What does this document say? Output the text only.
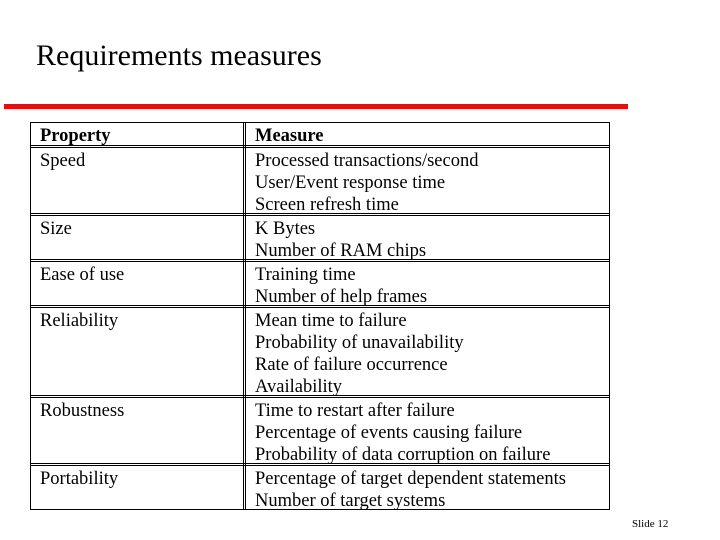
Requirements measures
Property	Measure
Speed	Processed transactions/second
User/Event response time
Screen refresh time
Size	K Bytes
Number of RAM chips
Ease of use	Training time
Number of help frames
Reliability	Mean time to failure
Probability of unavailability
Rate of failure occurrence
Availability
Robustness	Time to restart after failure
Percentage of events causing failure
Probability of data corruption on failure
Portability	Percentage of target dependent statements
Number of target systems
Slide 12
